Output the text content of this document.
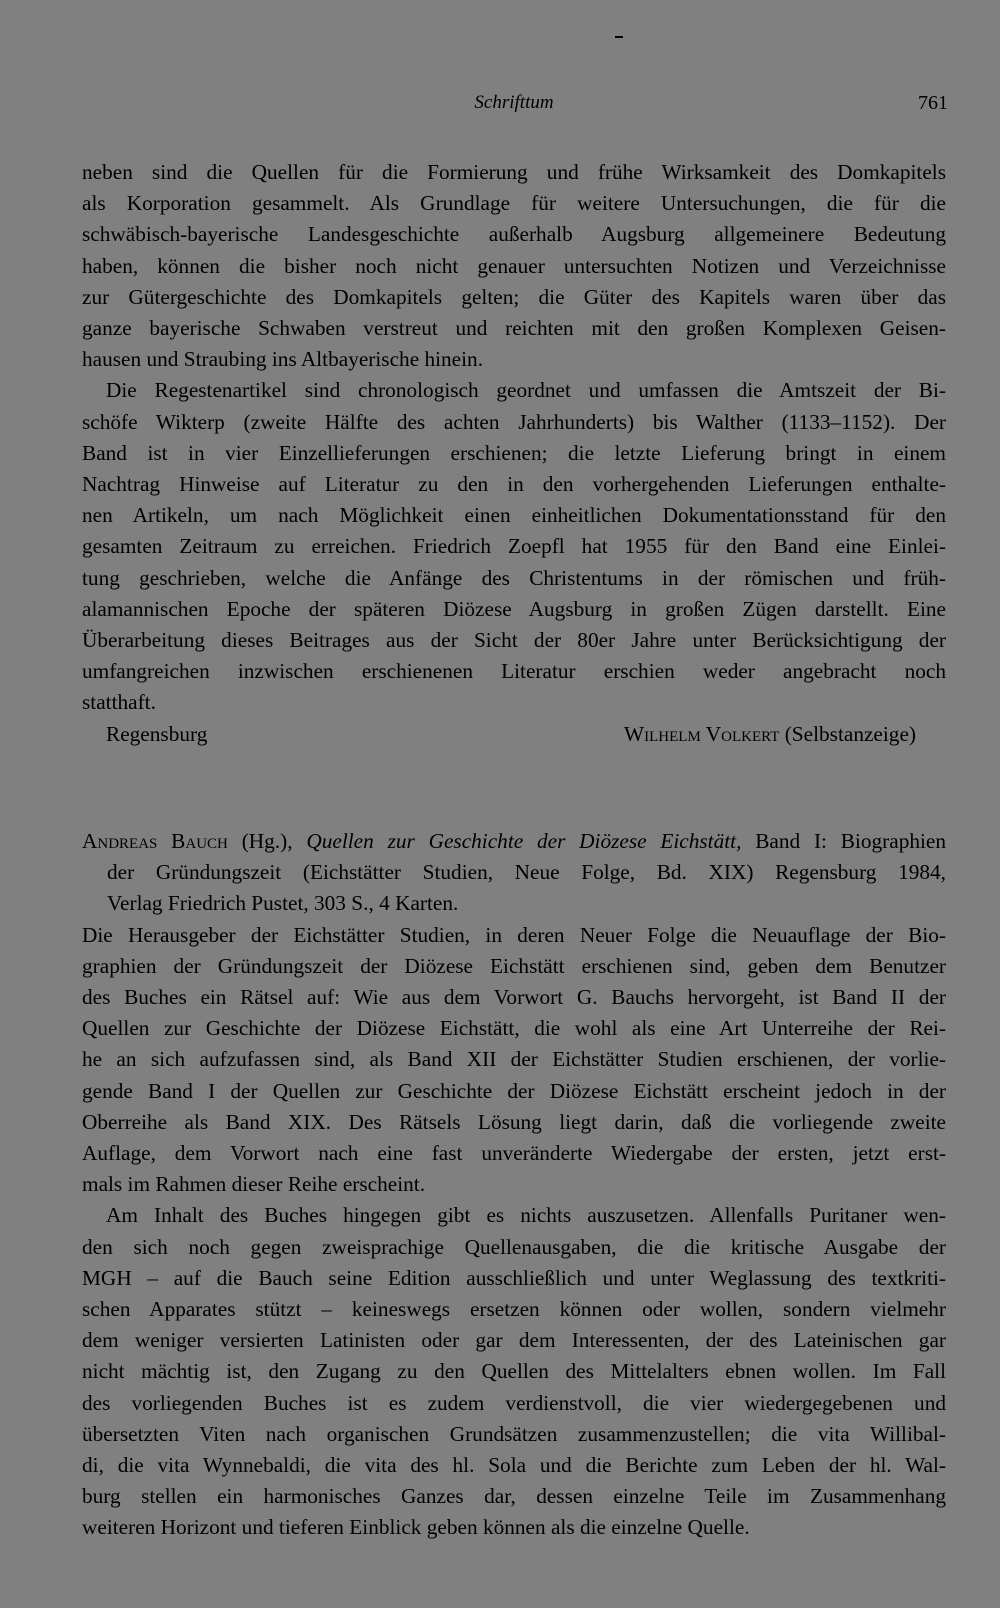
Schrifttum	761
neben sind die Quellen für die Formierung und frühe Wirksamkeit des Domkapitels
als Korporation gesammelt. Als Grundlage für weitere Untersuchungen, die für die
schwäbisch-bayerische Landesgeschichte außerhalb Augsburg allgemeinere Bedeutung
haben, können die bisher noch nicht genauer untersuchten Notizen und Verzeichnisse
zur Gütergeschichte des Domkapitels gelten; die Güter des Kapitels waren über das
ganze bayerische Schwaben verstreut und reichten mit den großen Komplexen Geisen-
hausen und Straubing ins Altbayerische hinein.
Die Regestenartikel sind chronologisch geordnet und umfassen die Amtszeit der Bi-
schöfe Wikterp (zweite Hälfte des achten Jahrhunderts) bis Walther (1133–1152). Der
Band ist in vier Einzellieferungen erschienen; die letzte Lieferung bringt in einem
Nachtrag Hinweise auf Literatur zu den in den vorhergehenden Lieferungen enthalte-
nen Artikeln, um nach Möglichkeit einen einheitlichen Dokumentationsstand für den
gesamten Zeitraum zu erreichen. Friedrich Zoepfl hat 1955 für den Band eine Einlei-
tung geschrieben, welche die Anfänge des Christentums in der römischen und früh-
alamannischen Epoche der späteren Diözese Augsburg in großen Zügen darstellt. Eine
Überarbeitung dieses Beitrages aus der Sicht der 80er Jahre unter Berücksichtigung der
umfangreichen inzwischen erschienenen Literatur erschien weder angebracht noch
statthaft.
Regensburg	Wilhelm Volkert (Selbstanzeige)
Andreas Bauch (Hg.), Quellen zur Geschichte der Diözese Eichstätt, Band I: Biographien
der Gründungszeit (Eichstätter Studien, Neue Folge, Bd. XIX) Regensburg 1984,
Verlag Friedrich Pustet, 303 S., 4 Karten.
Die Herausgeber der Eichstätter Studien, in deren Neuer Folge die Neuauflage der Bio-
graphien der Gründungszeit der Diözese Eichstätt erschienen sind, geben dem Benutzer
des Buches ein Rätsel auf: Wie aus dem Vorwort G. Bauchs hervorgeht, ist Band II der
Quellen zur Geschichte der Diözese Eichstätt, die wohl als eine Art Unterreihe der Rei-
he an sich aufzufassen sind, als Band XII der Eichstätter Studien erschienen, der vorlie-
gende Band I der Quellen zur Geschichte der Diözese Eichstätt erscheint jedoch in der
Oberreihe als Band XIX. Des Rätsels Lösung liegt darin, daß die vorliegende zweite
Auflage, dem Vorwort nach eine fast unveränderte Wiedergabe der ersten, jetzt erst-
mals im Rahmen dieser Reihe erscheint.
Am Inhalt des Buches hingegen gibt es nichts auszusetzen. Allenfalls Puritaner wen-
den sich noch gegen zweisprachige Quellenausgaben, die die kritische Ausgabe der
MGH – auf die Bauch seine Edition ausschließlich und unter Weglassung des textkriti-
schen Apparates stützt – keineswegs ersetzen können oder wollen, sondern vielmehr
dem weniger versierten Latinisten oder gar dem Interessenten, der des Lateinischen gar
nicht mächtig ist, den Zugang zu den Quellen des Mittelalters ebnen wollen. Im Fall
des vorliegenden Buches ist es zudem verdienstvoll, die vier wiedergegebenen und
übersetzten Viten nach organischen Grundsätzen zusammenzustellen; die vita Willibal-
di, die vita Wynnebaldi, die vita des hl. Sola und die Berichte zum Leben der hl. Wal-
burg stellen ein harmonisches Ganzes dar, dessen einzelne Teile im Zusammenhang
weiteren Horizont und tieferen Einblick geben können als die einzelne Quelle.
